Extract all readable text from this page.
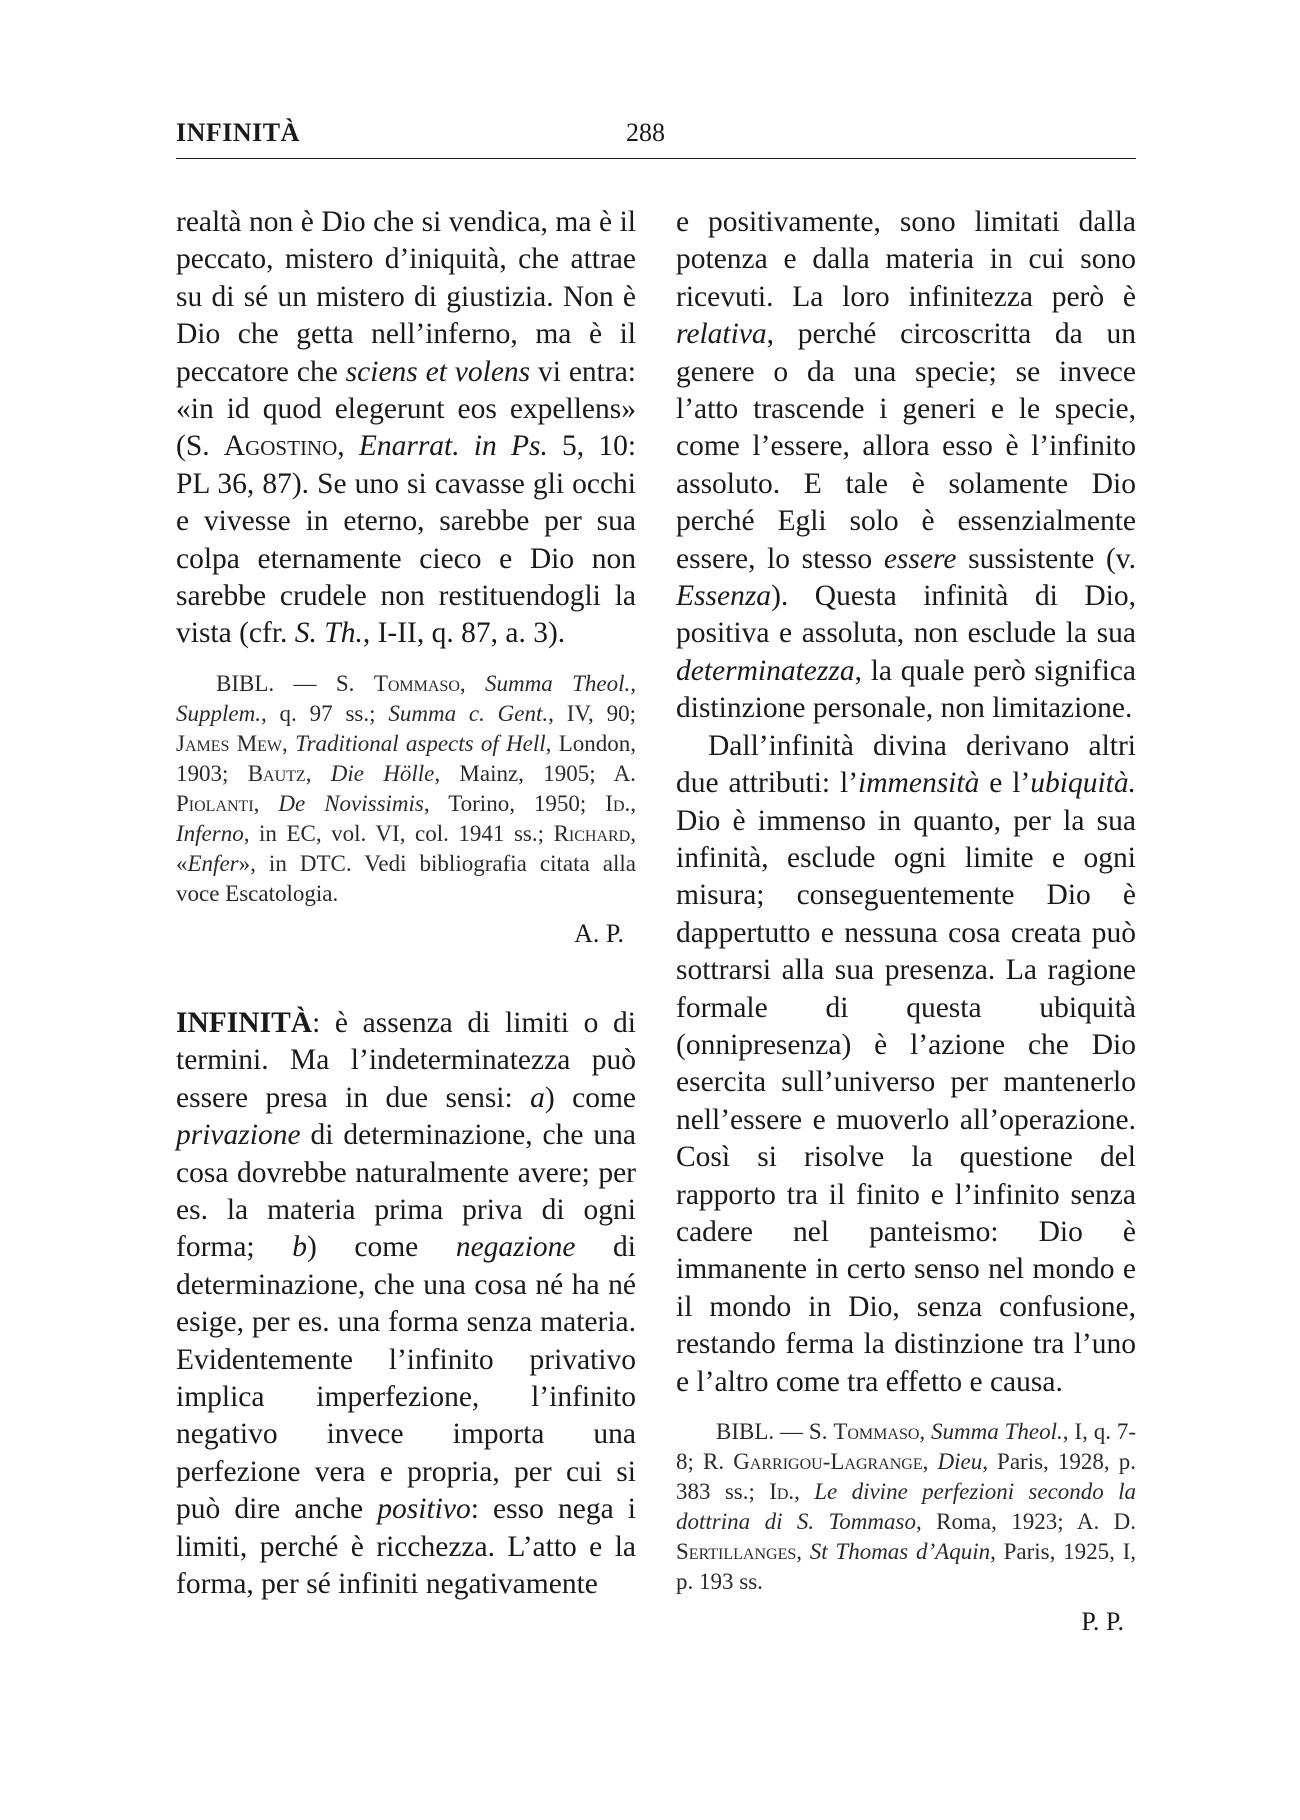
INFINITÀ	288

realtà non è Dio che si vendica, ma è il peccato, mistero d’iniquità, che attrae su di sé un mistero di giustizia. Non è Dio che getta nell’inferno, ma è il peccatore che sciens et volens vi entra: «in id quod elegerunt eos expellens» (S. Agostino, Enarrat. in Ps. 5, 10: PL 36, 87). Se uno si cavasse gli occhi e vivesse in eterno, sarebbe per sua colpa eternamente cieco e Dio non sarebbe crudele non restituendogli la vista (cfr. S. Th., I-II, q. 87, a. 3).

BIBL. — S. Tommaso, Summa Theol., Supplem., q. 97 ss.; Summa c. Gent., IV, 90; James Mew, Traditional aspects of Hell, London, 1903; Bautz, Die Hölle, Mainz, 1905; A. Piolanti, De Novissimis, Torino, 1950; Id., Inferno, in EC, vol. VI, col. 1941 ss.; Richard, «Enfer», in DTC. Vedi bibliografia citata alla voce Escatologia.

A. P.

INFINITÀ: è assenza di limiti o di termini. Ma l’indeterminatezza può essere presa in due sensi: a) come privazione di determinazione, che una cosa dovrebbe naturalmente avere; per es. la materia prima priva di ogni forma; b) come negazione di determinazione, che una cosa né ha né esige, per es. una forma senza materia. Evidentemente l’infinito privativo implica imperfezione, l’infinito negativo invece importa una perfezione vera e propria, per cui si può dire anche positivo: esso nega i limiti, perché è ricchezza. L’atto e la forma, per sé infiniti negativamente

e positivamente, sono limitati dalla potenza e dalla materia in cui sono ricevuti. La loro infinitezza però è relativa, perché circoscritta da un genere o da una specie; se invece l’atto trascende i generi e le specie, come l’essere, allora esso è l’infinito assoluto. E tale è solamente Dio perché Egli solo è essenzialmente essere, lo stesso essere sussistente (v. Essenza). Questa infinità di Dio, positiva e assoluta, non esclude la sua determinatezza, la quale però significa distinzione personale, non limitazione.

Dall’infinità divina derivano altri due attributi: l’immensità e l’ubiquità. Dio è immenso in quanto, per la sua infinità, esclude ogni limite e ogni misura; conseguentemente Dio è dappertutto e nessuna cosa creata può sottrarsi alla sua presenza. La ragione formale di questa ubiquità (onnipresenza) è l’azione che Dio esercita sull’universo per mantenerlo nell’essere e muoverlo all’operazione. Così si risolve la questione del rapporto tra il finito e l’infinito senza cadere nel panteismo: Dio è immanente in certo senso nel mondo e il mondo in Dio, senza confusione, restando ferma la distinzione tra l’uno e l’altro come tra effetto e causa.

BIBL. — S. Tommaso, Summa Theol., I, q. 7-8; R. Garrigou-Lagrange, Dieu, Paris, 1928, p. 383 ss.; Id., Le divine perfezioni secondo la dottrina di S. Tommaso, Roma, 1923; A. D. Sertillanges, St Thomas d’Aquin, Paris, 1925, I, p. 193 ss.

P. P.
